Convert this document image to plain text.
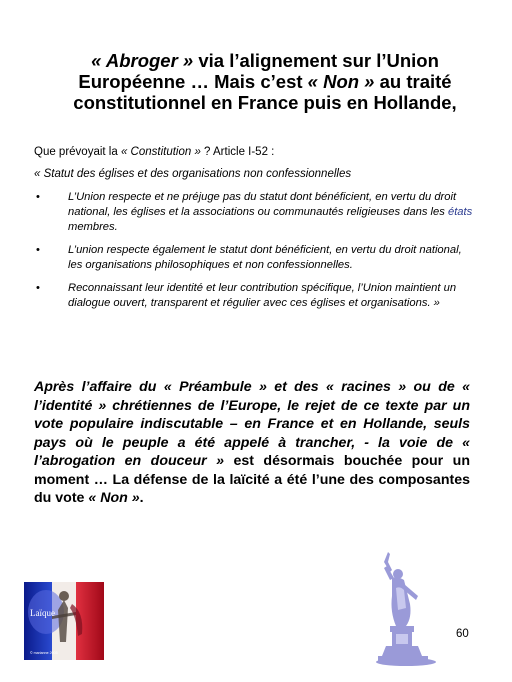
« Abroger » via l’alignement sur l’Union Européenne … Mais c’est « Non » au traité constitutionnel en France puis en Hollande,
Que prévoyait la « Constitution » ? Article I-52 :
« Statut des églises et des organisations non confessionnelles
•	L’Union respecte et ne préjuge pas du statut dont bénéficient, en vertu du droit national, les églises et la associations ou communautés religieuses dans les états membres.
•	L’union respecte également le statut dont bénéficient, en vertu du droit national, les organisations philosophiques et non confessionnelles.
•	Reconnaissant leur identité et leur contribution spécifique, l’Union maintient un dialogue ouvert, transparent et régulier avec ces églises et organisations. »
Après l’affaire du « Préambule » et des « racines » ou de « l’identité » chrétiennes de l’Europe, le rejet de ce texte par un vote populaire indiscutable – en France et en Hollande, seuls pays où le peuple a été appelé à trancher, - la voie de « l’abrogation en douceur » est désormais bouchée pour un moment … La défense de la laïcité a été l’une des composantes du vote « Non ».
Laïque
© marianne 2005
60
